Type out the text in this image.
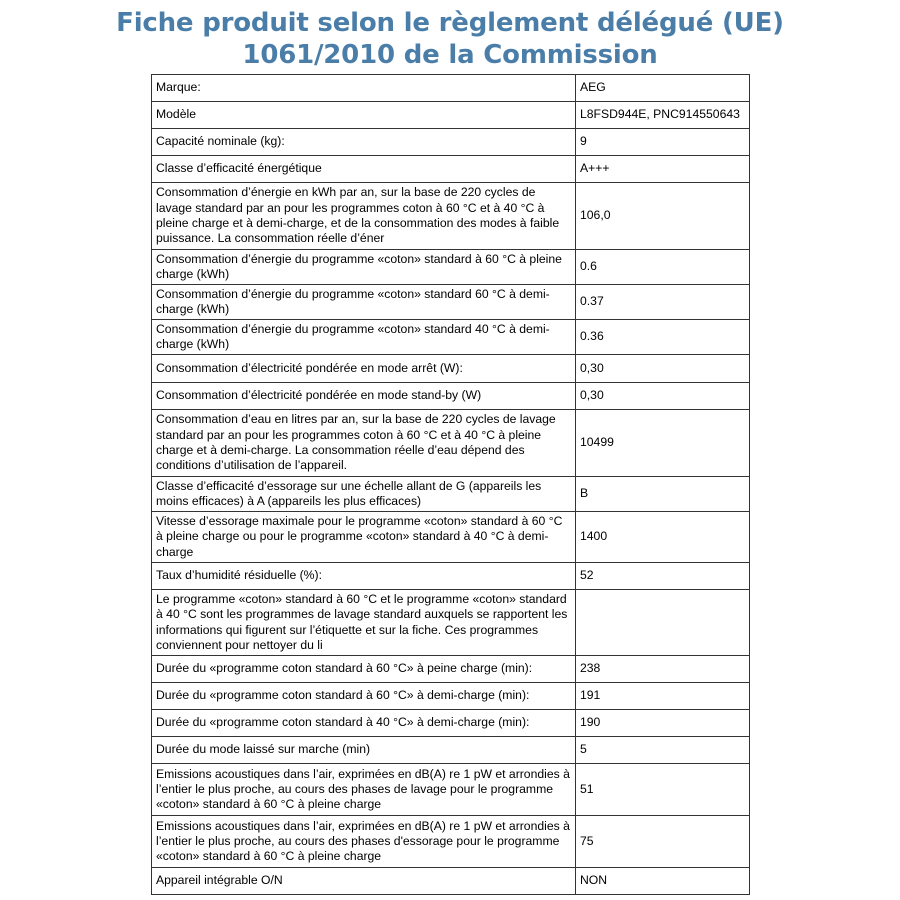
Fiche produit selon le règlement délégué (UE)
1061/2010 de la Commission
Marque:	AEG
Modèle	L8FSD944E, PNC914550643
Capacité nominale (kg):	9
Classe d’efficacité énergétique	A+++
Consommation d’énergie en kWh par an, sur la base de 220 cycles de lavage standard par an pour les programmes coton à 60 °C et à 40 °C à pleine charge et à demi-charge, et de la consommation des modes à faible puissance. La consommation réelle d’éner	106,0
Consommation d’énergie du programme «coton» standard à 60 °C à pleine charge (kWh)	0.6
Consommation d’énergie du programme «coton» standard 60 °C à demi-charge (kWh)	0.37
Consommation d’énergie du programme «coton» standard 40 °C à demi-charge (kWh)	0.36
Consommation d’électricité pondérée en mode arrêt (W):	0,30
Consommation d’électricité pondérée en mode stand-by (W)	0,30
Consommation d’eau en litres par an, sur la base de 220 cycles de lavage standard par an pour les programmes coton à 60 °C et à 40 °C à pleine charge et à demi-charge. La consommation réelle d’eau dépend des conditions d’utilisation de l’appareil.	10499
Classe d’efficacité d’essorage sur une échelle allant de G (appareils les moins efficaces) à A (appareils les plus efficaces)	B
Vitesse d’essorage maximale pour le programme «coton» standard à 60 °C à pleine charge ou pour le programme «coton» standard à 40 °C à demi-charge	1400
Taux d’humidité résiduelle (%):	52
Le programme «coton» standard à 60 °C et le programme «coton» standard à 40 °C sont les programmes de lavage standard auxquels se rapportent les informations qui figurent sur l’étiquette et sur la fiche. Ces programmes conviennent pour nettoyer du li	
Durée du «programme coton standard à 60 °C» à peine charge (min):	238
Durée du «programme coton standard à 60 °C» à demi-charge (min):	191
Durée du «programme coton standard à 40 °C» à demi-charge (min):	190
Durée du mode laissé sur marche (min)	5
Emissions acoustiques dans l’air, exprimées en dB(A) re 1 pW et arrondies à l’entier le plus proche, au cours des phases de lavage pour le programme «coton» standard à 60 °C à pleine charge	51
Emissions acoustiques dans l’air, exprimées en dB(A) re 1 pW et arrondies à l’entier le plus proche, au cours des phases d'essorage pour le programme «coton» standard à 60 °C à pleine charge	75
Appareil intégrable O/N	NON
